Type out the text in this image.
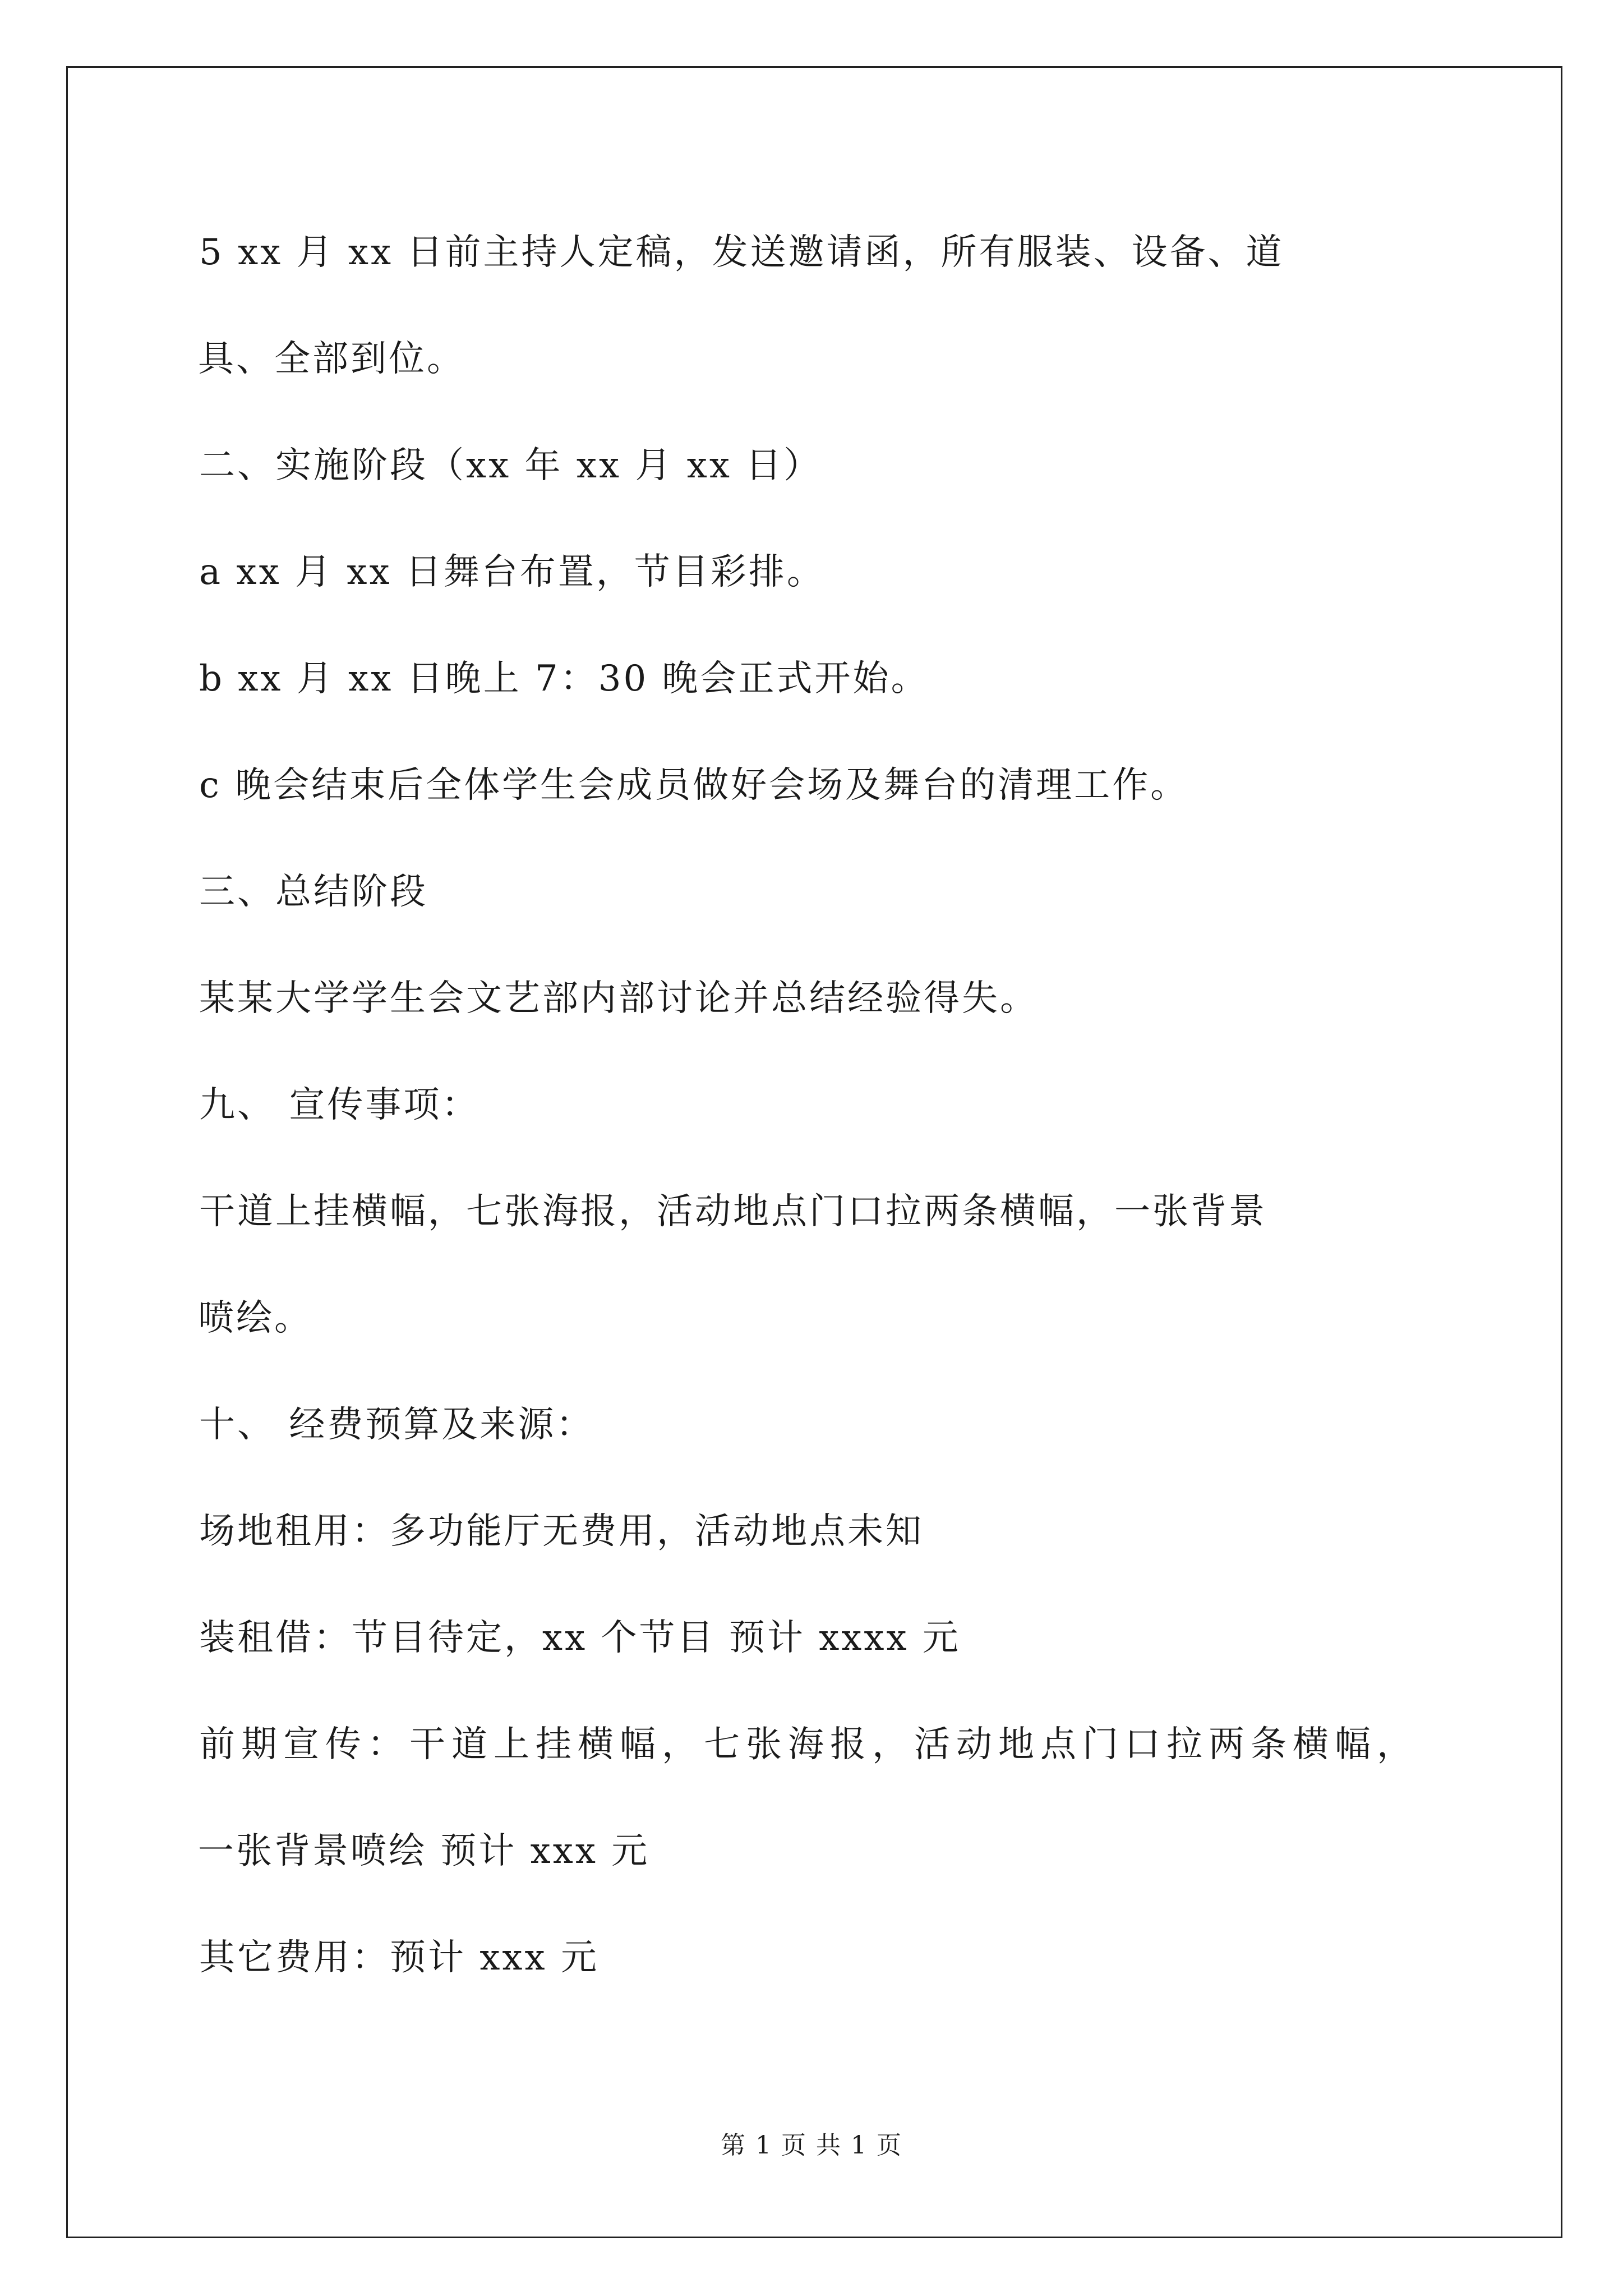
5 xx 月 xx 日前主持人定稿，发送邀请函，所有服装、设备、道
具、全部到位。
二、实施阶段（xx 年 xx 月 xx 日）
a xx 月 xx 日舞台布置，节目彩排。
b xx 月 xx 日晚上 7：30 晚会正式开始。
c 晚会结束后全体学生会成员做好会场及舞台的清理工作。
三、总结阶段
某某大学学生会文艺部内部讨论并总结经验得失。
九、 宣传事项：
干道上挂横幅，七张海报，活动地点门口拉两条横幅，一张背景
喷绘。
十、 经费预算及来源：
场地租用：多功能厅无费用，活动地点未知
装租借：节目待定，xx 个节目 预计 xxxx 元
前期宣传：干道上挂横幅，七张海报，活动地点门口拉两条横幅，
一张背景喷绘 预计 xxx 元
其它费用：预计 xxx 元
第 1 页 共 1 页
